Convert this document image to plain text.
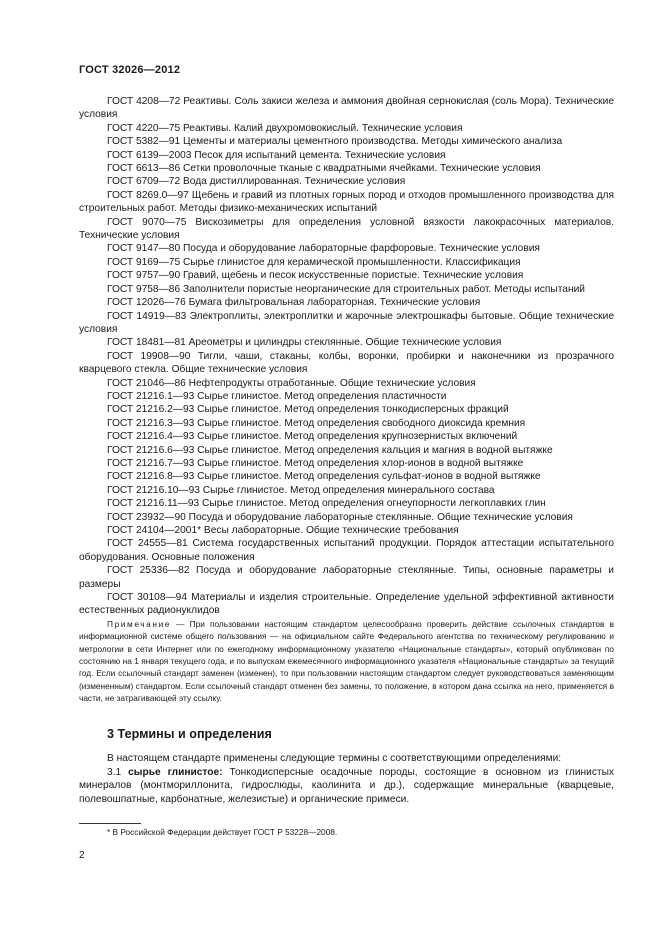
ГОСТ 32026—2012

ГОСТ 4208—72 Реактивы. Соль закиси железа и аммония двойная сернокислая (соль Мора). Технические условия

ГОСТ 4220—75 Реактивы. Калий двухромовокислый. Технические условия

ГОСТ 5382—91 Цементы и материалы цементного производства. Методы химического анализа

ГОСТ 6139—2003 Песок для испытаний цемента. Технические условия

ГОСТ 6613—86 Сетки проволочные тканые с квадратными ячейками. Технические условия

ГОСТ 6709—72 Вода дистиллированная. Технические условия

ГОСТ 8269.0—97 Щебень и гравий из плотных горных пород и отходов промышленного производства для строительных работ. Методы физико-механических испытаний

ГОСТ 9070—75 Вискозиметры для определения условной вязкости лакокрасочных материалов. Технические условия

ГОСТ 9147—80 Посуда и оборудование лабораторные фарфоровые. Технические условия

ГОСТ 9169—75 Сырье глинистое для керамической промышленности. Классификация

ГОСТ 9757—90 Гравий, щебень и песок искусственные пористые. Технические условия

ГОСТ 9758—86 Заполнители пористые неорганические для строительных работ. Методы испытаний

ГОСТ 12026—76 Бумага фильтровальная лабораторная. Технические условия

ГОСТ 14919—83 Электроплиты, электроплитки и жарочные электрошкафы бытовые. Общие технические условия

ГОСТ 18481—81 Ареометры и цилиндры стеклянные. Общие технические условия

ГОСТ 19908—90 Тигли, чаши, стаканы, колбы, воронки, пробирки и наконечники из прозрачного кварцевого стекла. Общие технические условия

ГОСТ 21046—86 Нефтепродукты отработанные. Общие технические условия

ГОСТ 21216.1—93 Сырье глинистое. Метод определения пластичности

ГОСТ 21216.2—93 Сырье глинистое. Метод определения тонкодисперсных фракций

ГОСТ 21216.3—93 Сырье глинистое. Метод определения свободного диоксида кремния

ГОСТ 21216.4—93 Сырье глинистое. Метод определения крупнозернистых включений

ГОСТ 21216.6—93 Сырье глинистое. Метод определения кальция и магния в водной вытяжке

ГОСТ 21216.7—93 Сырье глинистое. Метод определения хлор-ионов в водной вытяжке

ГОСТ 21216.8—93 Сырье глинистое. Метод определения сульфат-ионов в водной вытяжке

ГОСТ 21216.10—93 Сырье глинистое. Метод определения минерального состава

ГОСТ 21216.11—93 Сырье глинистое. Метод определения огнеупорности легкоплавких глин

ГОСТ 23932—90 Посуда и оборудование лабораторные стеклянные. Общие технические условия

ГОСТ 24104—2001* Весы лабораторные. Общие технические требования

ГОСТ 24555—81 Система государственных испытаний продукции. Порядок аттестации испытательного оборудования. Основные положения

ГОСТ 25336—82 Посуда и оборудование лабораторные стеклянные. Типы, основные параметры и размеры

ГОСТ 30108—94 Материалы и изделия строительные. Определение удельной эффективной активности естественных радионуклидов

Примечание — При пользовании настоящим стандартом целесообразно проверить действие ссылочных стандартов в информационной системе общего пользования — на официальном сайте Федерального агентства по техническому регулированию и метрологии в сети Интернет или по ежегодному информационному указателю «Национальные стандарты», который опубликован по состоянию на 1 января текущего года, и по выпускам ежемесячного информационного указателя «Национальные стандарты» за текущий год. Если ссылочный стандарт заменен (изменен), то при пользовании настоящим стандартом следует руководствоваться заменяющим (измененным) стандартом. Если ссылочный стандарт отменен без замены, то положение, в котором дана ссылка на него, применяется в части, не затрагивающей эту ссылку.

3 Термины и определения

В настоящем стандарте применены следующие термины с соответствующими определениями:

3.1 сырье глинистое: Тонкодисперсные осадочные породы, состоящие в основном из глинистых минералов (монтмориллонита, гидрослюды, каолинита и др.), содержащие минеральные (кварцевые, полевошпатные, карбонатные, железистые) и органические примеси.

* В Российской Федерации действует ГОСТ Р 53228—2008.
2
